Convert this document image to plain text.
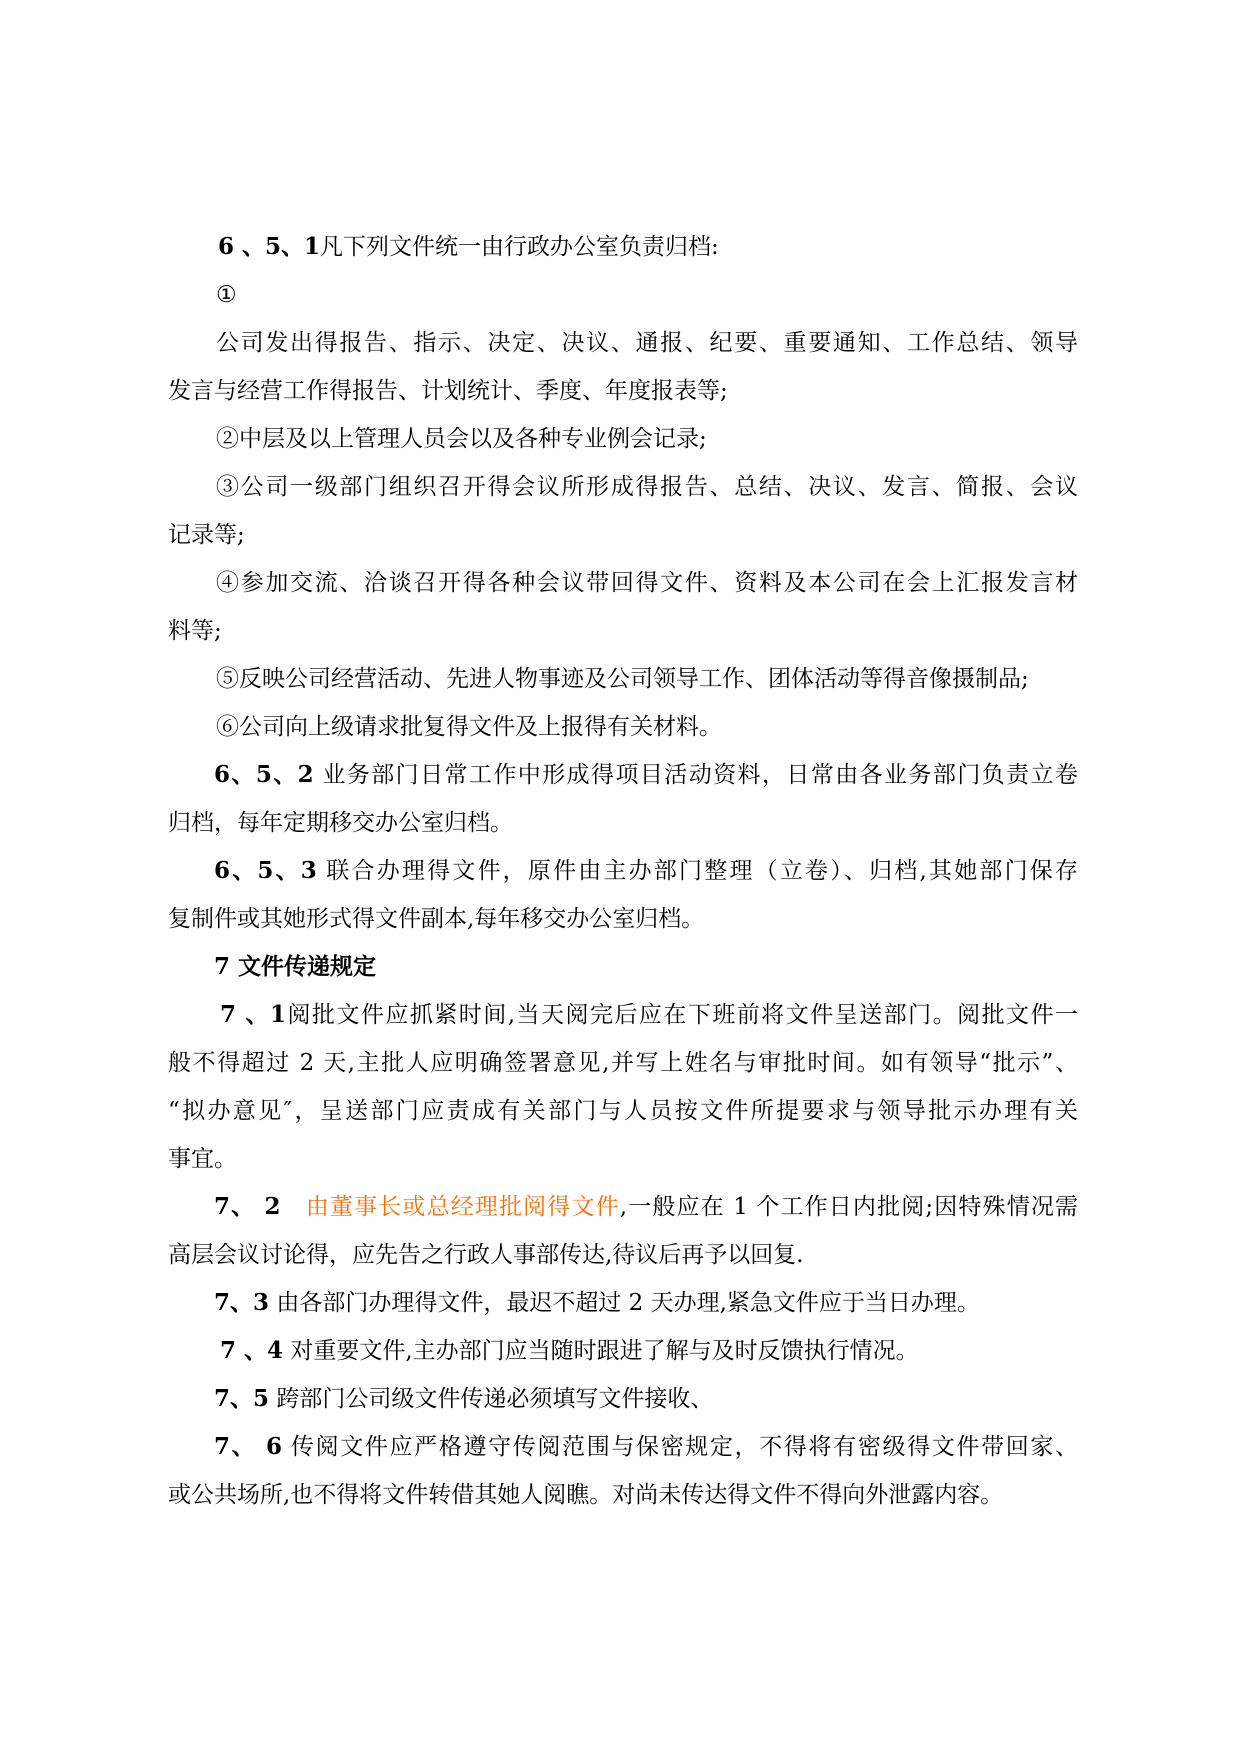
6 、5、1凡下列文件统一由行政办公室负责归档:
①
公司发出得报告、指示、决定、决议、通报、纪要、重要通知、工作总结、领导
发言与经营工作得报告、计划统计、季度、年度报表等;
②中层及以上管理人员会以及各种专业例会记录;
③公司一级部门组织召开得会议所形成得报告、总结、决议、发言、简报、会议
记录等;
④参加交流、洽谈召开得各种会议带回得文件、资料及本公司在会上汇报发言材
料等;
⑤反映公司经营活动、先进人物事迹及公司领导工作、团体活动等得音像摄制品;
⑥公司向上级请求批复得文件及上报得有关材料。
6、5、2 业务部门日常工作中形成得项目活动资料，日常由各业务部门负责立卷
归档，每年定期移交办公室归档。
6、5、3 联合办理得文件，原件由主办部门整理（立卷）、归档,其她部门保存
复制件或其她形式得文件副本,每年移交办公室归档。
7 文件传递规定
7 、1阅批文件应抓紧时间,当天阅完后应在下班前将文件呈送部门。阅批文件一
般不得超过 2 天,主批人应明确签署意见,并写上姓名与审批时间。如有领导“批示”、
“拟办意见″，呈送部门应责成有关部门与人员按文件所提要求与领导批示办理有关
事宜。
7、 2 由董事长或总经理批阅得文件,一般应在 1 个工作日内批阅;因特殊情况需
高层会议讨论得，应先告之行政人事部传达,待议后再予以回复.
7、3 由各部门办理得文件，最迟不超过 2 天办理,紧急文件应于当日办理。
7 、4 对重要文件,主办部门应当随时跟进了解与及时反馈执行情况。
7、5 跨部门公司级文件传递必须填写文件接收、
7、 6 传阅文件应严格遵守传阅范围与保密规定，不得将有密级得文件带回家、
或公共场所,也不得将文件转借其她人阅瞧。对尚未传达得文件不得向外泄露内容。
